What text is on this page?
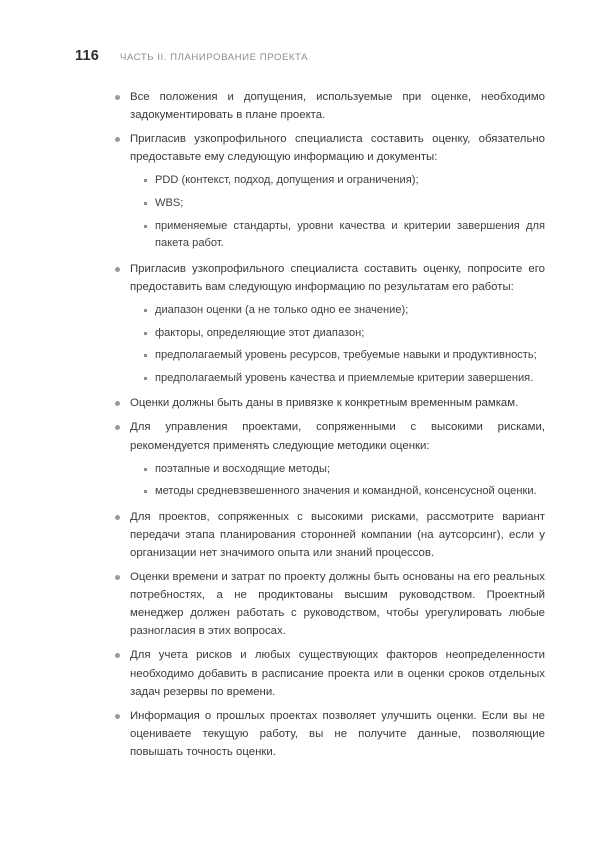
116	ЧАСТЬ II. ПЛАНИРОВАНИЕ ПРОЕКТА
Все положения и допущения, используемые при оценке, необходимо задокументировать в плане проекта.
Пригласив узкопрофильного специалиста составить оценку, обязательно предоставьте ему следующую информацию и документы:
PDD (контекст, подход, допущения и ограничения);
WBS;
применяемые стандарты, уровни качества и критерии завершения для пакета работ.
Пригласив узкопрофильного специалиста составить оценку, попросите его предоставить вам следующую информацию по результатам его работы:
диапазон оценки (а не только одно ее значение);
факторы, определяющие этот диапазон;
предполагаемый уровень ресурсов, требуемые навыки и продуктивность;
предполагаемый уровень качества и приемлемые критерии завершения.
Оценки должны быть даны в привязке к конкретным временным рамкам.
Для управления проектами, сопряженными с высокими рисками, рекомендуется применять следующие методики оценки:
поэтапные и восходящие методы;
методы средневзвешенного значения и командной, консенсусной оценки.
Для проектов, сопряженных с высокими рисками, рассмотрите вариант передачи этапа планирования сторонней компании (на аутсорсинг), если у организации нет значимого опыта или знаний процессов.
Оценки времени и затрат по проекту должны быть основаны на его реальных потребностях, а не продиктованы высшим руководством. Проектный менеджер должен работать с руководством, чтобы урегулировать любые разногласия в этих вопросах.
Для учета рисков и любых существующих факторов неопределенности необходимо добавить в расписание проекта или в оценки сроков отдельных задач резервы по времени.
Информация о прошлых проектах позволяет улучшить оценки. Если вы не оцениваете текущую работу, вы не получите данные, позволяющие повышать точность оценки.
